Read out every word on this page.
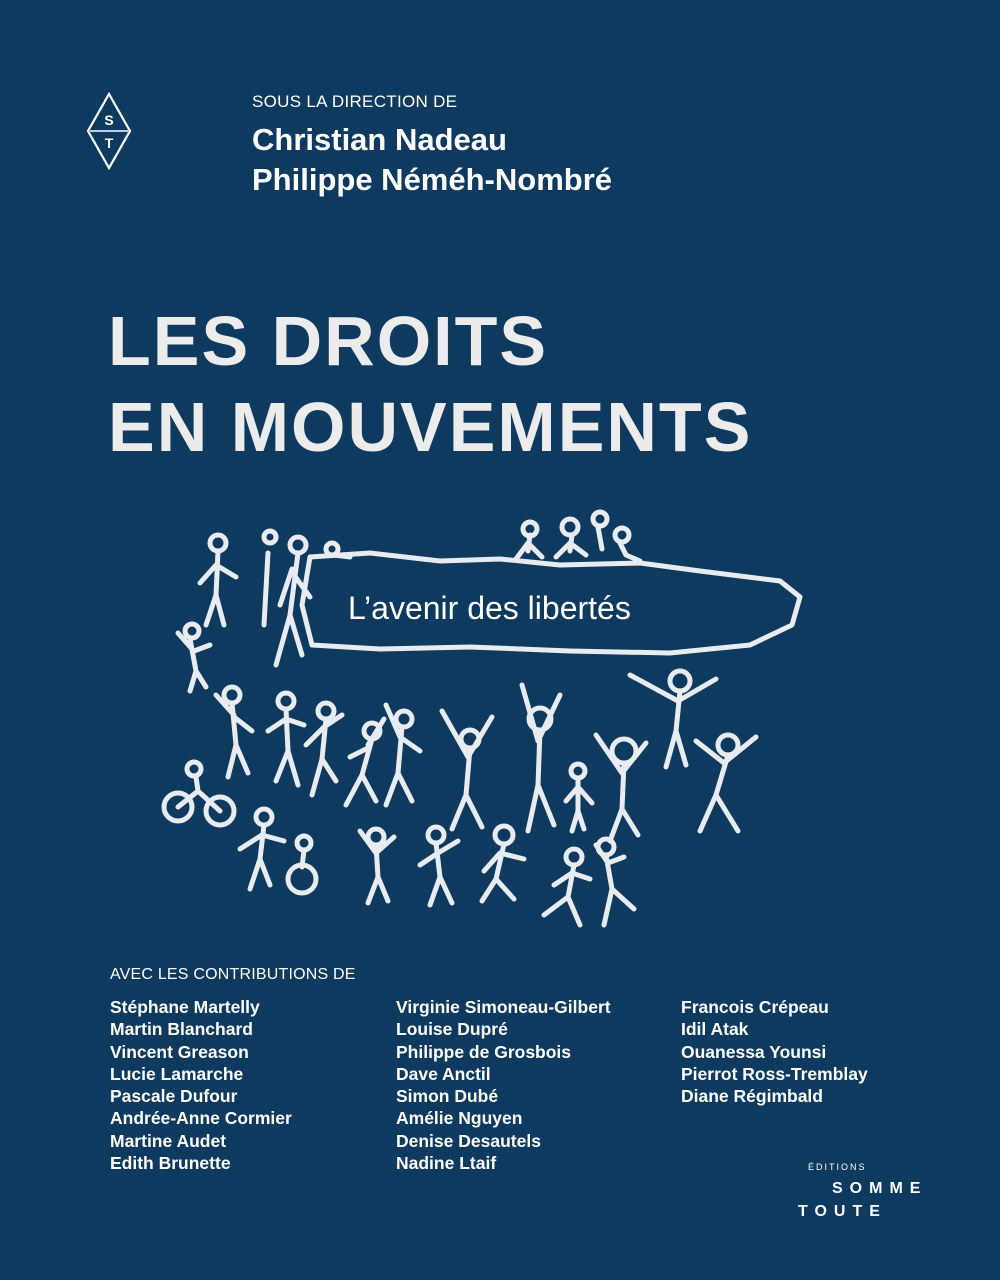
S
T
SOUS LA DIRECTION DE
Christian Nadeau
Philippe Néméh-Nombré
LES DROITS
EN MOUVEMENTS
L’avenir des libertés
AVEC LES CONTRIBUTIONS DE
Stéphane Martelly
Martin Blanchard
Vincent Greason
Lucie Lamarche
Pascale Dufour
Andrée-Anne Cormier
Martine Audet
Edith Brunette
Virginie Simoneau-Gilbert
Louise Dupré
Philippe de Grosbois
Dave Anctil
Simon Dubé
Amélie Nguyen
Denise Desautels
Nadine Ltaif
Francois Crépeau
Idil Atak
Ouanessa Younsi
Pierrot Ross-Tremblay
Diane Régimbald
ÉDITIONS
SOMME
TOUTE
